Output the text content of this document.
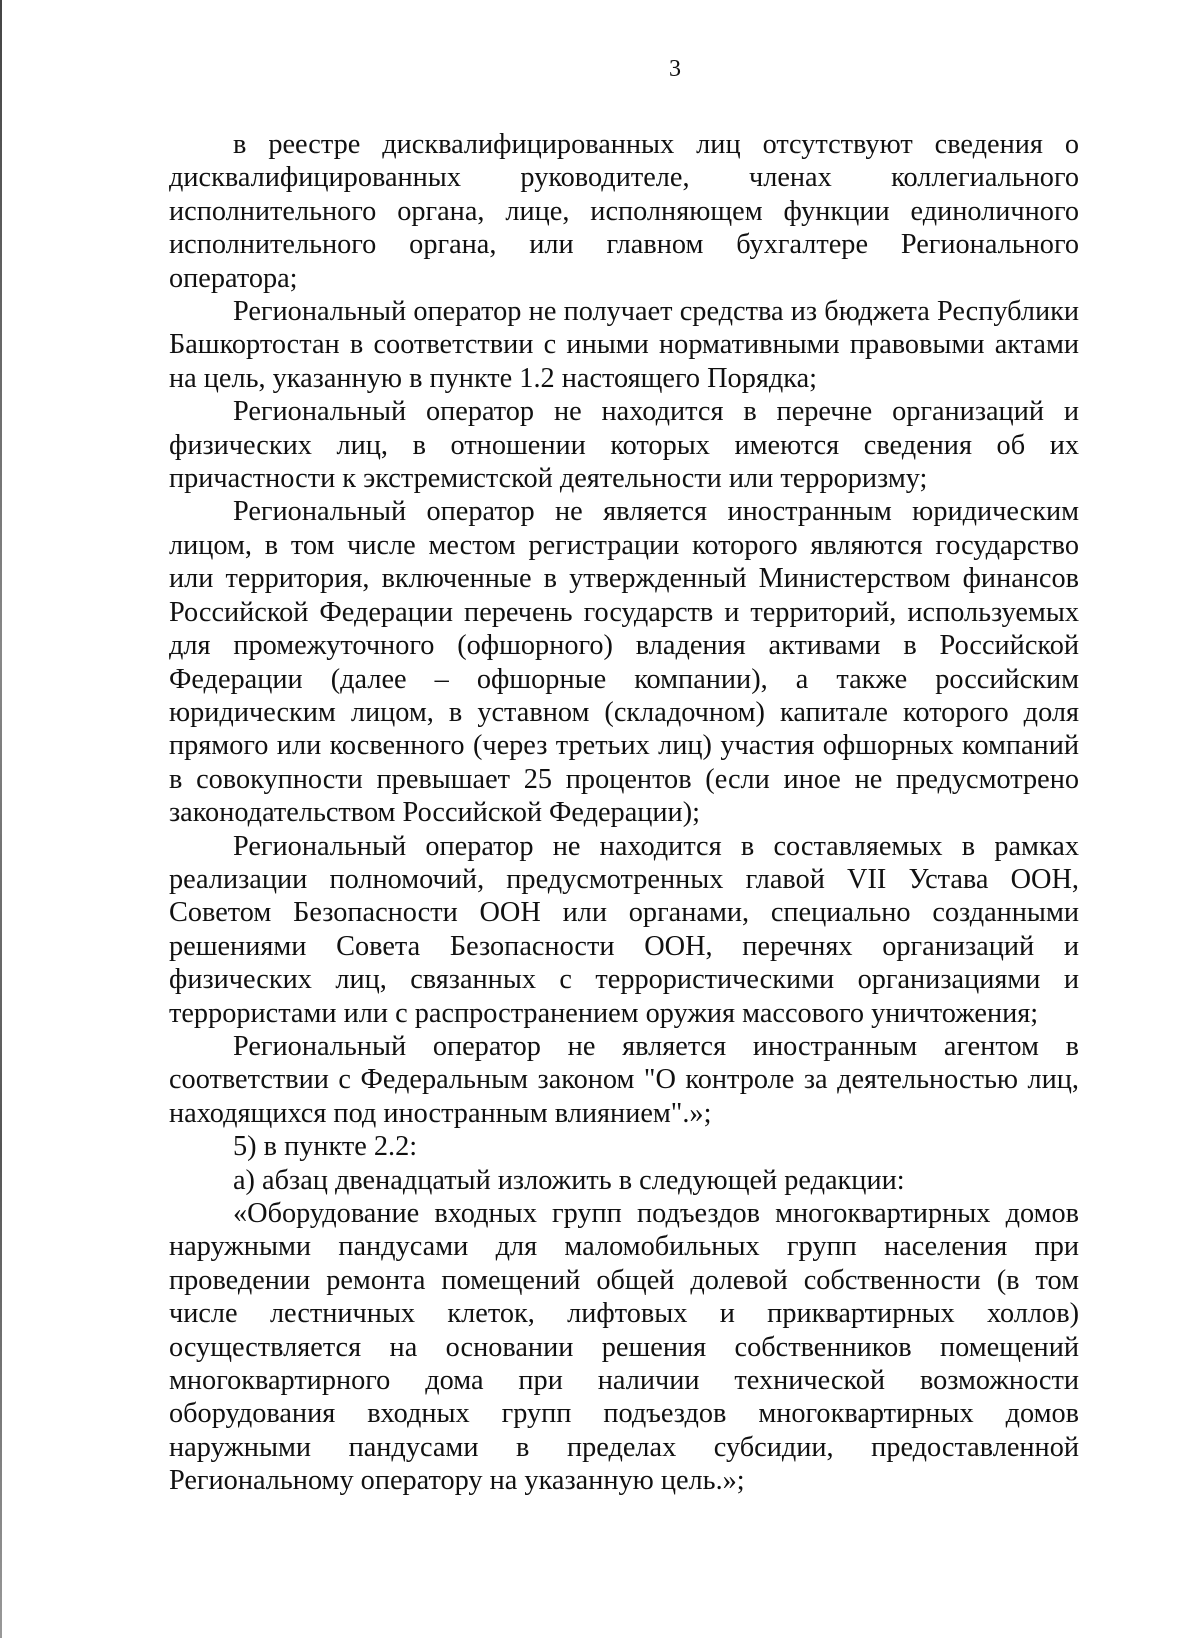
3

в реестре дисквалифицированных лиц отсутствуют сведения о дисквалифицированных руководителе, членах коллегиального исполнительного органа, лице, исполняющем функции единоличного исполнительного органа, или главном бухгалтере Регионального оператора;

Региональный оператор не получает средства из бюджета Республики Башкортостан в соответствии с иными нормативными правовыми актами на цель, указанную в пункте 1.2 настоящего Порядка;

Региональный оператор не находится в перечне организаций и физических лиц, в отношении которых имеются сведения об их причастности к экстремистской деятельности или терроризму;

Региональный оператор не является иностранным юридическим лицом, в том числе местом регистрации которого являются государство или территория, включенные в утвержденный Министерством финансов Российской Федерации перечень государств и территорий, используемых для промежуточного (офшорного) владения активами в Российской Федерации (далее – офшорные компании), а также российским юридическим лицом, в уставном (складочном) капитале которого доля прямого или косвенного (через третьих лиц) участия офшорных компаний в совокупности превышает 25 процентов (если иное не предусмотрено законодательством Российской Федерации);

Региональный оператор не находится в составляемых в рамках реализации полномочий, предусмотренных главой VII Устава ООН, Советом Безопасности ООН или органами, специально созданными решениями Совета Безопасности ООН, перечнях организаций и физических лиц, связанных с террористическими организациями и террористами или с распространением оружия массового уничтожения;

Региональный оператор не является иностранным агентом в соответствии с Федеральным законом "О контроле за деятельностью лиц, находящихся под иностранным влиянием".»;

5) в пункте 2.2:

а) абзац двенадцатый изложить в следующей редакции:

«Оборудование входных групп подъездов многоквартирных домов наружными пандусами для маломобильных групп населения при проведении ремонта помещений общей долевой собственности (в том числе лестничных клеток, лифтовых и приквартирных холлов) осуществляется на основании решения собственников помещений многоквартирного дома при наличии технической возможности оборудования входных групп подъездов многоквартирных домов наружными пандусами в пределах субсидии, предоставленной Региональному оператору на указанную цель.»;
